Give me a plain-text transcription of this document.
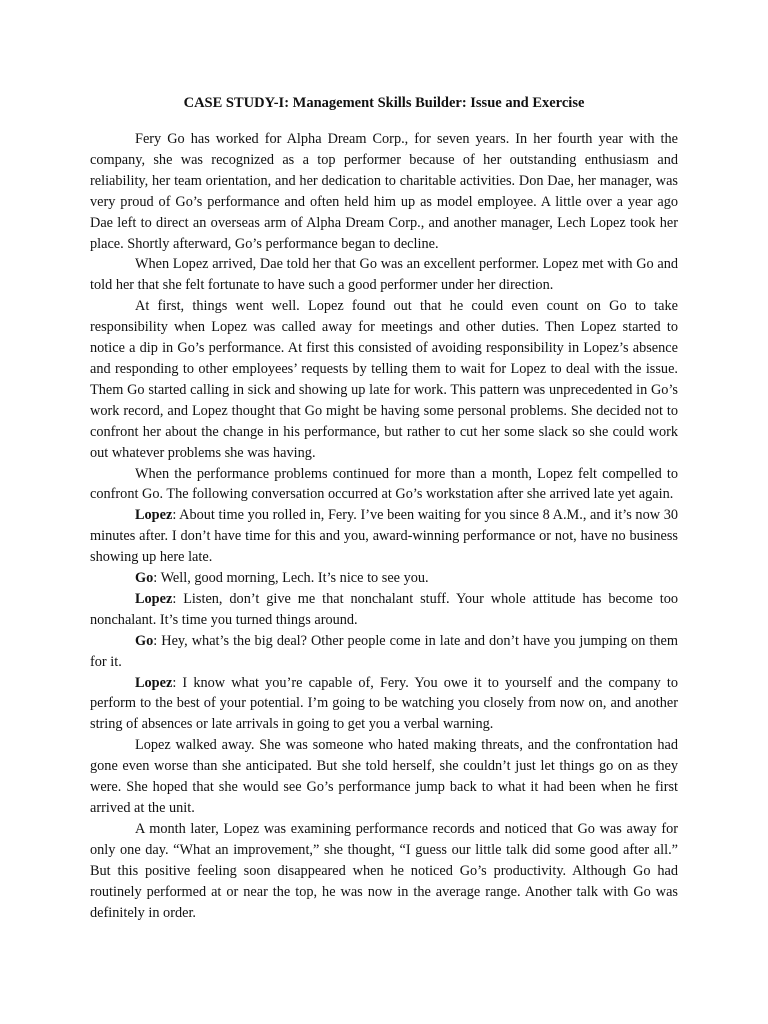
CASE STUDY-I: Management Skills Builder: Issue and Exercise

Fery Go has worked for Alpha Dream Corp., for seven years. In her fourth year with the company, she was recognized as a top performer because of her outstanding enthusiasm and reliability, her team orientation, and her dedication to charitable activities. Don Dae, her manager, was very proud of Go’s performance and often held him up as model employee. A little over a year ago Dae left to direct an overseas arm of Alpha Dream Corp., and another manager, Lech Lopez took her place. Shortly afterward, Go’s performance began to decline.

When Lopez arrived, Dae told her that Go was an excellent performer. Lopez met with Go and told her that she felt fortunate to have such a good performer under her direction.

At first, things went well. Lopez found out that he could even count on Go to take responsibility when Lopez was called away for meetings and other duties. Then Lopez started to notice a dip in Go’s performance. At first this consisted of avoiding responsibility in Lopez’s absence and responding to other employees’ requests by telling them to wait for Lopez to deal with the issue. Them Go started calling in sick and showing up late for work. This pattern was unprecedented in Go’s work record, and Lopez thought that Go might be having some personal problems. She decided not to confront her about the change in his performance, but rather to cut her some slack so she could work out whatever problems she was having.

When the performance problems continued for more than a month, Lopez felt compelled to confront Go. The following conversation occurred at Go’s workstation after she arrived late yet again.

Lopez: About time you rolled in, Fery. I’ve been waiting for you since 8 A.M., and it’s now 30 minutes after. I don’t have time for this and you, award-winning performance or not, have no business showing up here late.

Go: Well, good morning, Lech. It’s nice to see you.

Lopez: Listen, don’t give me that nonchalant stuff. Your whole attitude has become too nonchalant. It’s time you turned things around.

Go: Hey, what’s the big deal? Other people come in late and don’t have you jumping on them for it.

Lopez: I know what you’re capable of, Fery. You owe it to yourself and the company to perform to the best of your potential. I’m going to be watching you closely from now on, and another string of absences or late arrivals in going to get you a verbal warning.

Lopez walked away. She was someone who hated making threats, and the confrontation had gone even worse than she anticipated. But she told herself, she couldn’t just let things go on as they were. She hoped that she would see Go’s performance jump back to what it had been when he first arrived at the unit.

A month later, Lopez was examining performance records and noticed that Go was away for only one day. “What an improvement,” she thought, “I guess our little talk did some good after all.” But this positive feeling soon disappeared when he noticed Go’s productivity. Although Go had routinely performed at or near the top, he was now in the average range. Another talk with Go was definitely in order.
